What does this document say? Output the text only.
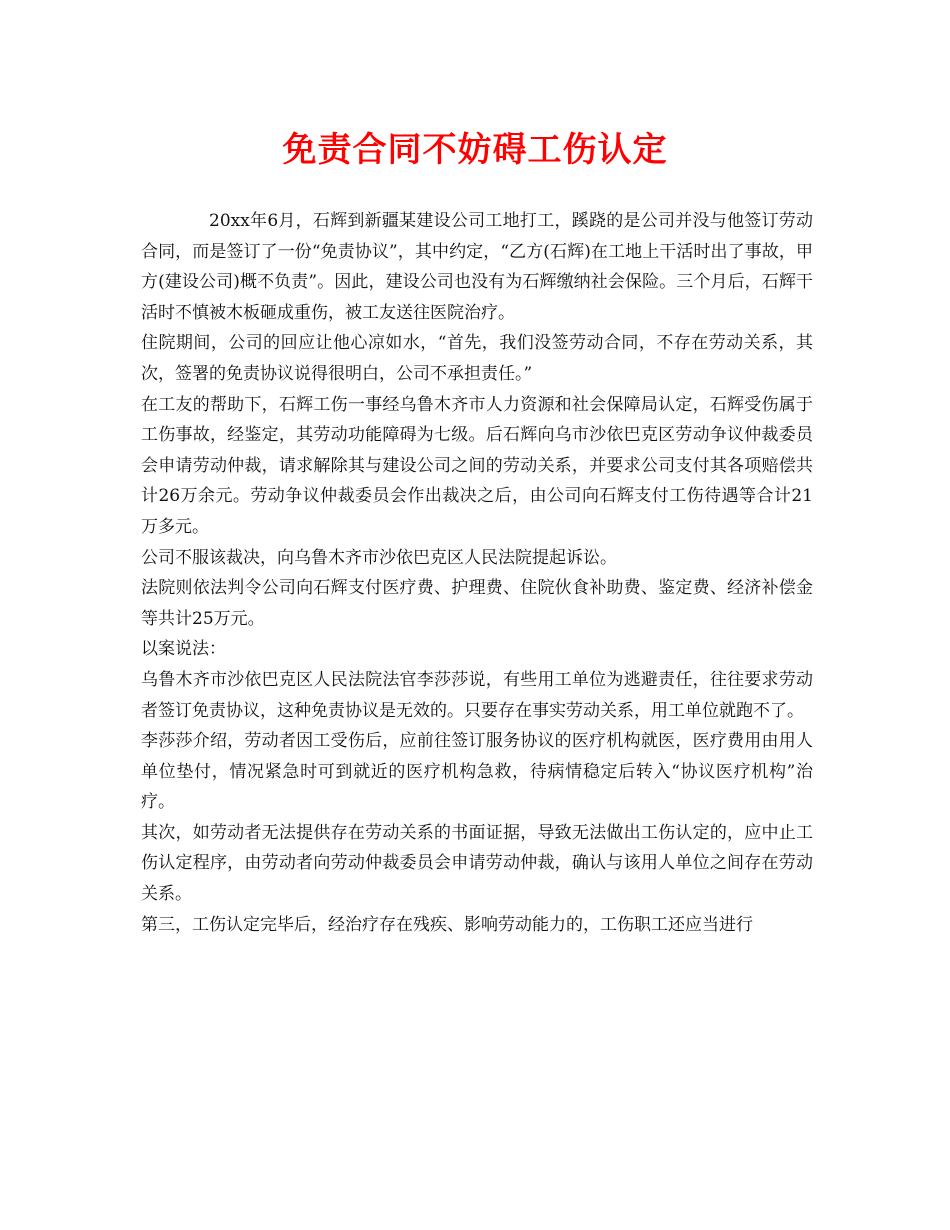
免责合同不妨碍工伤认定

20xx年6月，石辉到新疆某建设公司工地打工，蹊跷的是公司并没与他签订劳动合同，而是签订了一份“免责协议”，其中约定，“乙方(石辉)在工地上干活时出了事故，甲方(建设公司)概不负责”。因此，建设公司也没有为石辉缴纳社会保险。三个月后，石辉干活时不慎被木板砸成重伤，被工友送往医院治疗。

住院期间，公司的回应让他心凉如水，“首先，我们没签劳动合同，不存在劳动关系，其次，签署的免责协议说得很明白，公司不承担责任。”

在工友的帮助下，石辉工伤一事经乌鲁木齐市人力资源和社会保障局认定，石辉受伤属于工伤事故，经鉴定，其劳动功能障碍为七级。后石辉向乌市沙依巴克区劳动争议仲裁委员会申请劳动仲裁，请求解除其与建设公司之间的劳动关系，并要求公司支付其各项赔偿共计26万余元。劳动争议仲裁委员会作出裁决之后，由公司向石辉支付工伤待遇等合计21万多元。

公司不服该裁决，向乌鲁木齐市沙依巴克区人民法院提起诉讼。

法院则依法判令公司向石辉支付医疗费、护理费、住院伙食补助费、鉴定费、经济补偿金等共计25万元。

以案说法：

乌鲁木齐市沙依巴克区人民法院法官李莎莎说，有些用工单位为逃避责任，往往要求劳动者签订免责协议，这种免责协议是无效的。只要存在事实劳动关系，用工单位就跑不了。

李莎莎介绍，劳动者因工受伤后，应前往签订服务协议的医疗机构就医，医疗费用由用人单位垫付，情况紧急时可到就近的医疗机构急救，待病情稳定后转入“协议医疗机构”治疗。

其次，如劳动者无法提供存在劳动关系的书面证据，导致无法做出工伤认定的，应中止工伤认定程序，由劳动者向劳动仲裁委员会申请劳动仲裁，确认与该用人单位之间存在劳动关系。

第三，工伤认定完毕后，经治疗存在残疾、影响劳动能力的，工伤职工还应当进行
